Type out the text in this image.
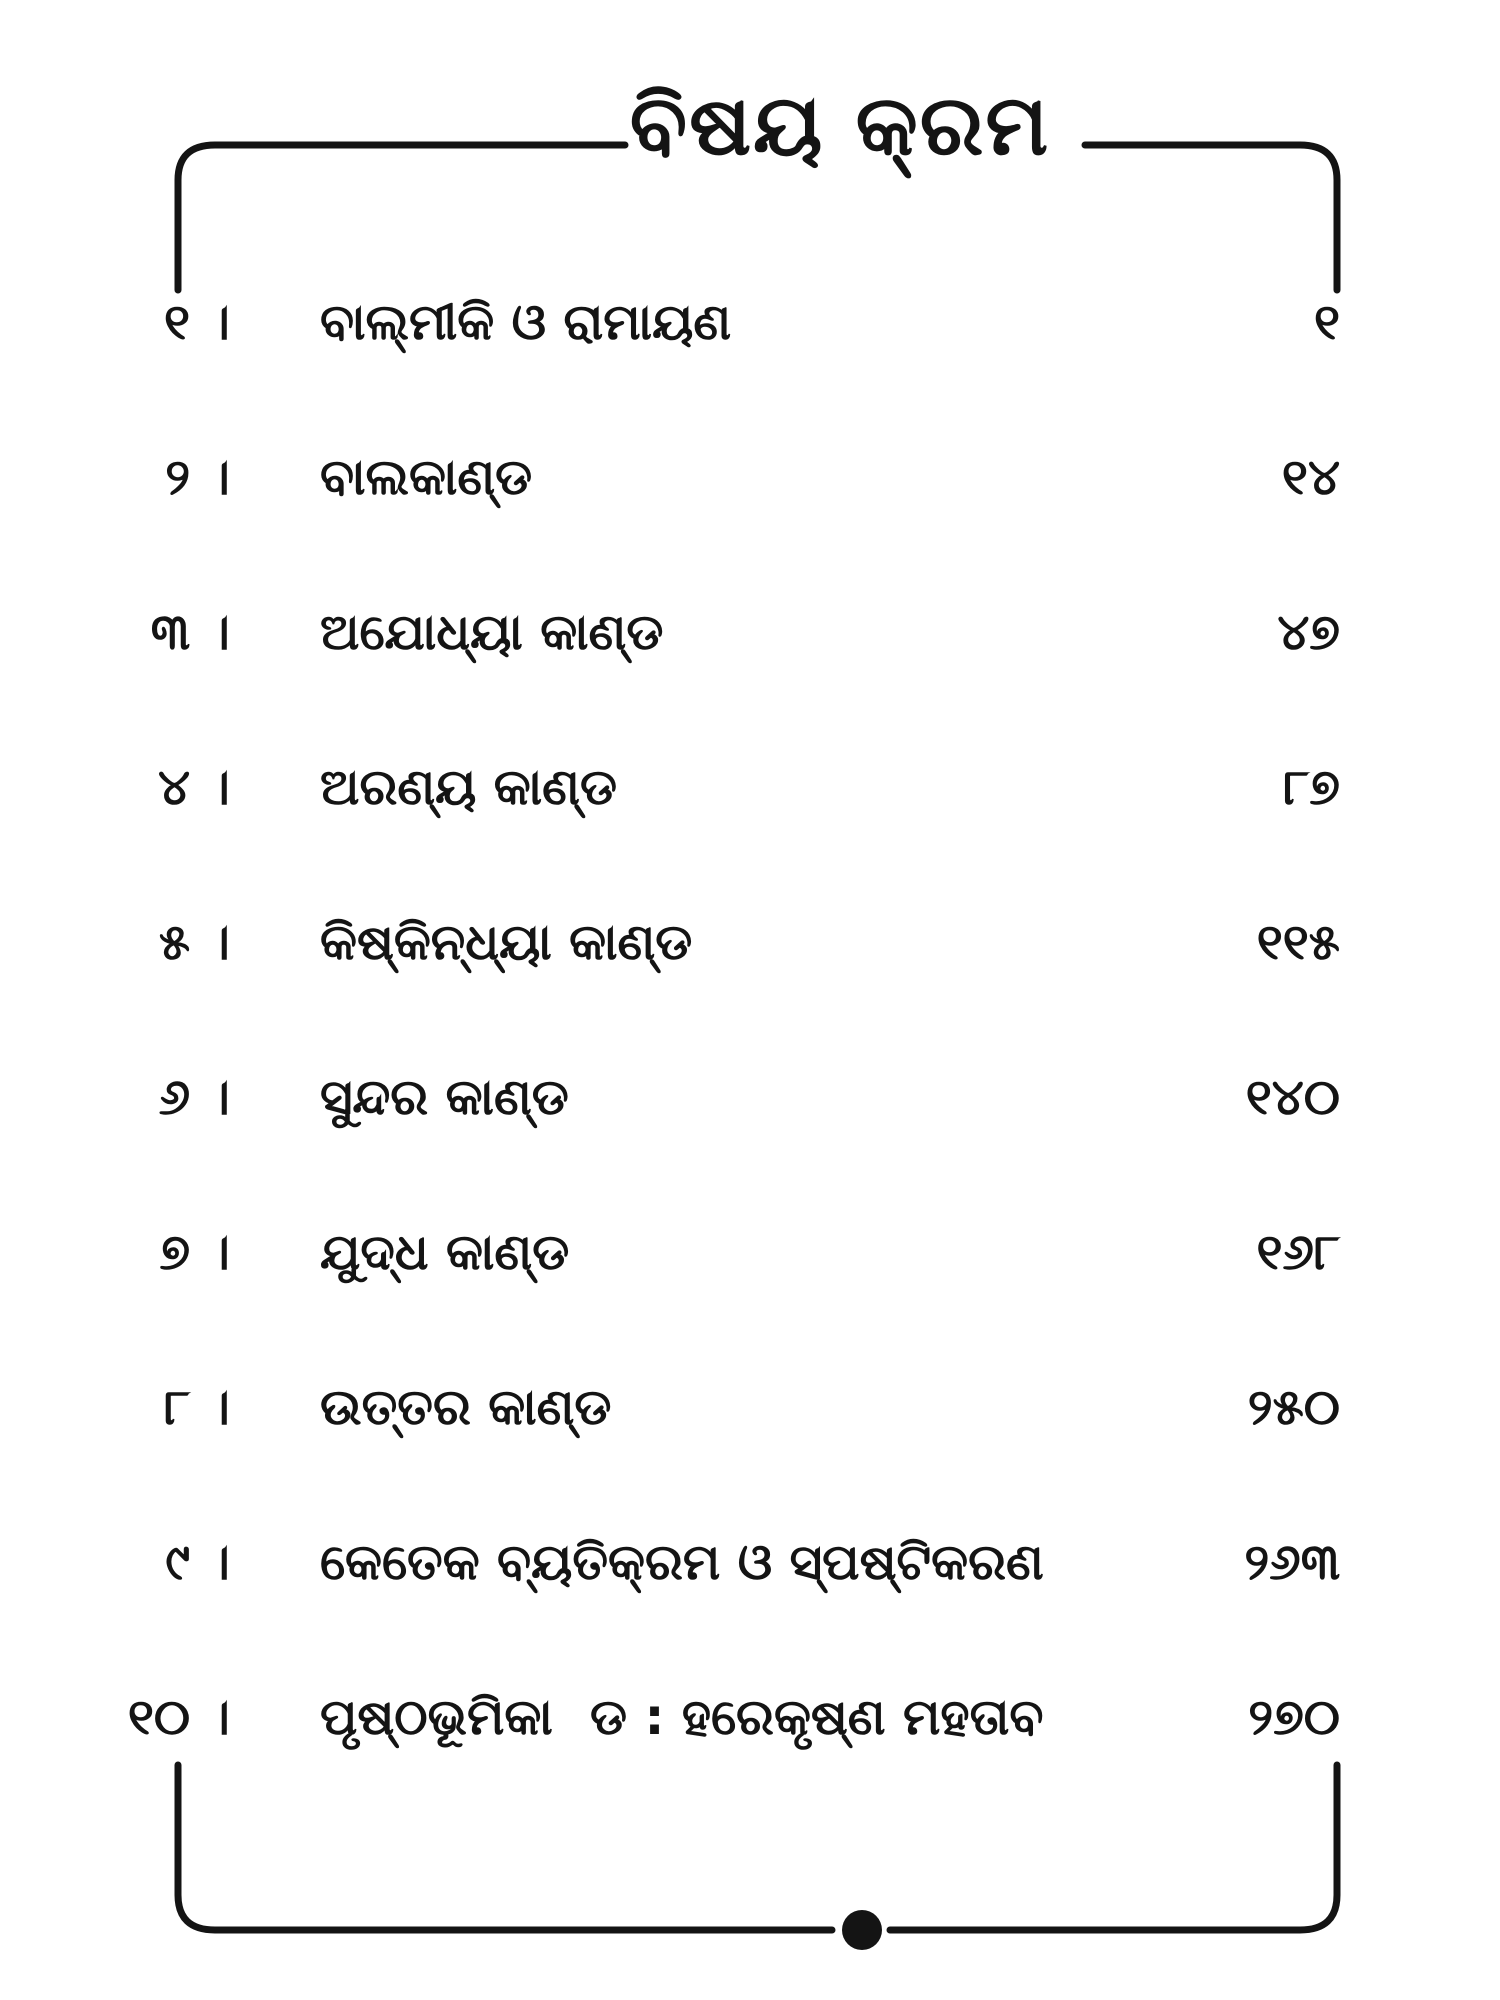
ବିଷୟ କ୍ରମ
୧ । ବାଲ୍ମୀକି ଓ ରାମାୟଣ	୧
୨ । ବାଲକାଣ୍ଡ	୧୪
୩ । ଅଯୋଧ୍ୟା କାଣ୍ଡ	୪୭
୪ । ଅରଣ୍ୟ କାଣ୍ଡ	୮୭
୫ । କିଷ୍କିନ୍ଧ୍ୟା କାଣ୍ଡ	୧୧୫
୬ । ସୁନ୍ଦର କାଣ୍ଡ	୧୪୦
୭ । ଯୁଦ୍ଧ କାଣ୍ଡ	୧୬୮
୮ । ଉତ୍ତର କାଣ୍ଡ	୨୫୦
୯ । କେତେକ ବ୍ୟତିକ୍ରମ ଓ ସ୍ପଷ୍ଟିକରଣ	୨୬୩
୧୦ । ପୃଷ୍ଠଭୂମିକା ଡ : ହରେକୃଷ୍ଣ ମହତାବ	୨୭୦
